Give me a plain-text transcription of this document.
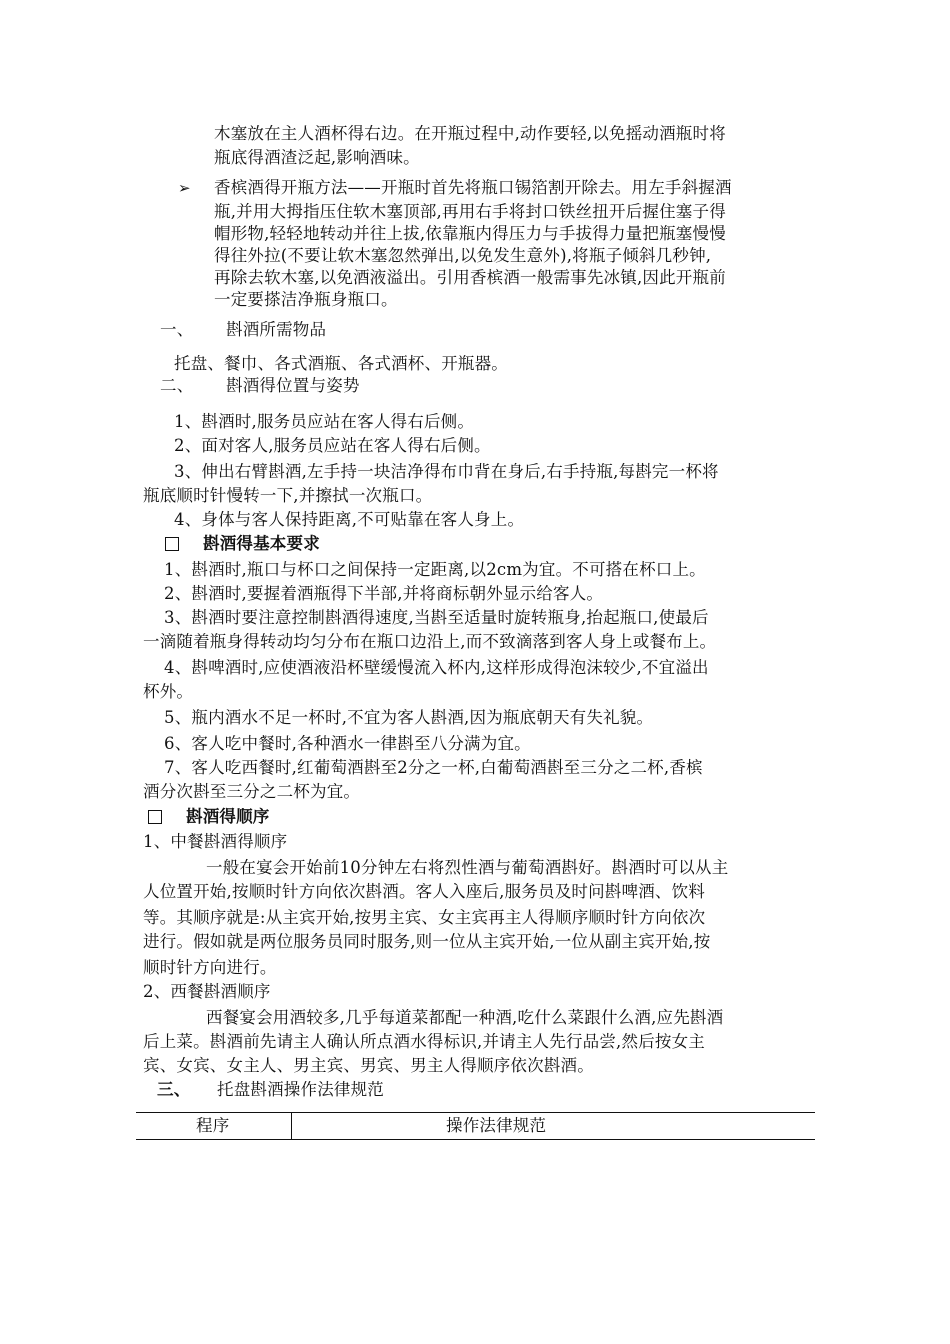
木塞放在主人酒杯得右边。在开瓶过程中,动作要轻,以免摇动酒瓶时将
瓶底得酒渣泛起,影响酒味。
➢ 香槟酒得开瓶方法——开瓶时首先将瓶口锡箔割开除去。用左手斜握酒
瓶,并用大拇指压住软木塞顶部,再用右手将封口铁丝扭开后握住塞子得
帽形物,轻轻地转动并往上拔,依靠瓶内得压力与手拔得力量把瓶塞慢慢
得往外拉(不要让软木塞忽然弹出,以免发生意外),将瓶子倾斜几秒钟,
再除去软木塞,以免酒液溢出。引用香槟酒一般需事先冰镇,因此开瓶前
一定要搽洁净瓶身瓶口。
一、 斟酒所需物品
托盘、餐巾、各式酒瓶、各式酒杯、开瓶器。
二、 斟酒得位置与姿势
1、斟酒时,服务员应站在客人得右后侧。
2、面对客人,服务员应站在客人得右后侧。
3、伸出右臂斟酒,左手持一块洁净得布巾背在身后,右手持瓶,每斟完一杯将
瓶底顺时针慢转一下,并擦拭一次瓶口。
4、身体与客人保持距离,不可贴靠在客人身上。
斟酒得基本要求
1、斟酒时,瓶口与杯口之间保持一定距离,以2cm为宜。不可搭在杯口上。
2、斟酒时,要握着酒瓶得下半部,并将商标朝外显示给客人。
3、斟酒时要注意控制斟酒得速度,当斟至适量时旋转瓶身,抬起瓶口,使最后
一滴随着瓶身得转动均匀分布在瓶口边沿上,而不致滴落到客人身上或餐布上。
4、斟啤酒时,应使酒液沿杯壁缓慢流入杯内,这样形成得泡沫较少,不宜溢出
杯外。
5、瓶内酒水不足一杯时,不宜为客人斟酒,因为瓶底朝天有失礼貌。
6、客人吃中餐时,各种酒水一律斟至八分满为宜。
7、客人吃西餐时,红葡萄酒斟至2分之一杯,白葡萄酒斟至三分之二杯,香槟
酒分次斟至三分之二杯为宜。
斟酒得顺序
1、中餐斟酒得顺序
一般在宴会开始前10分钟左右将烈性酒与葡萄酒斟好。斟酒时可以从主
人位置开始,按顺时针方向依次斟酒。客人入座后,服务员及时问斟啤酒、饮料
等。其顺序就是:从主宾开始,按男主宾、女主宾再主人得顺序顺时针方向依次
进行。假如就是两位服务员同时服务,则一位从主宾开始,一位从副主宾开始,按
顺时针方向进行。
2、西餐斟酒顺序
西餐宴会用酒较多,几乎每道菜都配一种酒,吃什么菜跟什么酒,应先斟酒
后上菜。斟酒前先请主人确认所点酒水得标识,并请主人先行品尝,然后按女主
宾、女宾、女主人、男主宾、男宾、男主人得顺序依次斟酒。
三、 托盘斟酒操作法律规范
程序	操作法律规范
